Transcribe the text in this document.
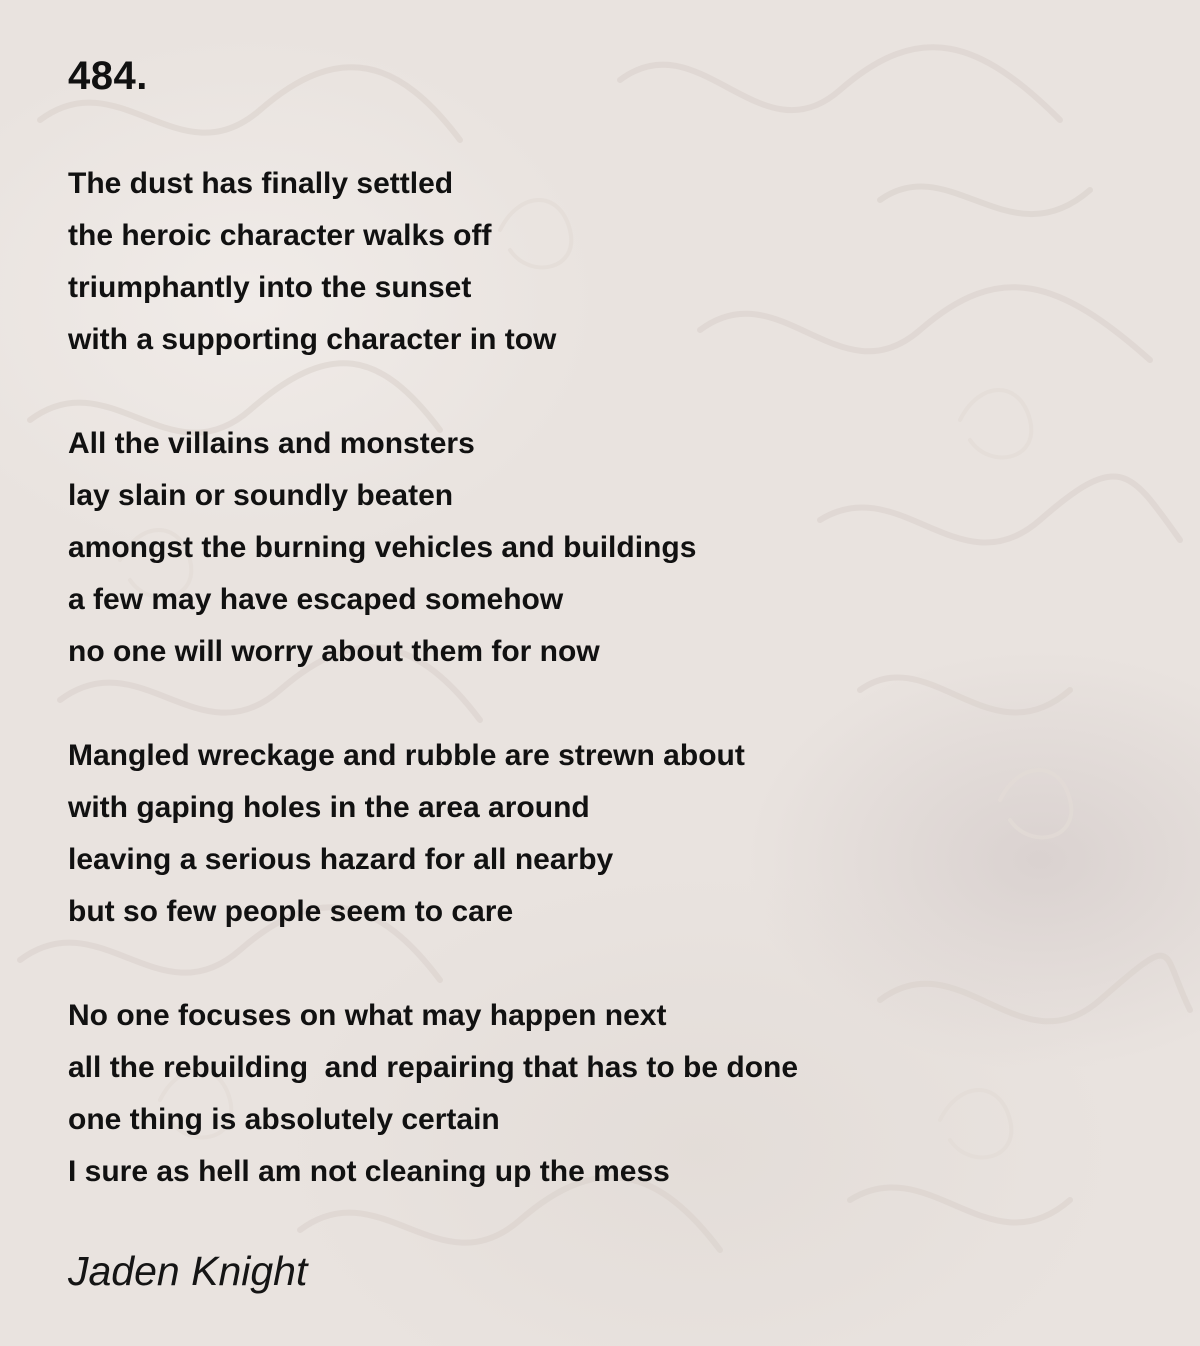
484.
The dust has finally settled
the heroic character walks off
triumphantly into the sunset
with a supporting character in tow
All the villains and monsters
lay slain or soundly beaten
amongst the burning vehicles and buildings
a few may have escaped somehow
no one will worry about them for now
Mangled wreckage and rubble are strewn about
with gaping holes in the area around
leaving a serious hazard for all nearby
but so few people seem to care
No one focuses on what may happen next
all the rebuilding  and repairing that has to be done
one thing is absolutely certain
I sure as hell am not cleaning up the mess
Jaden Knight
